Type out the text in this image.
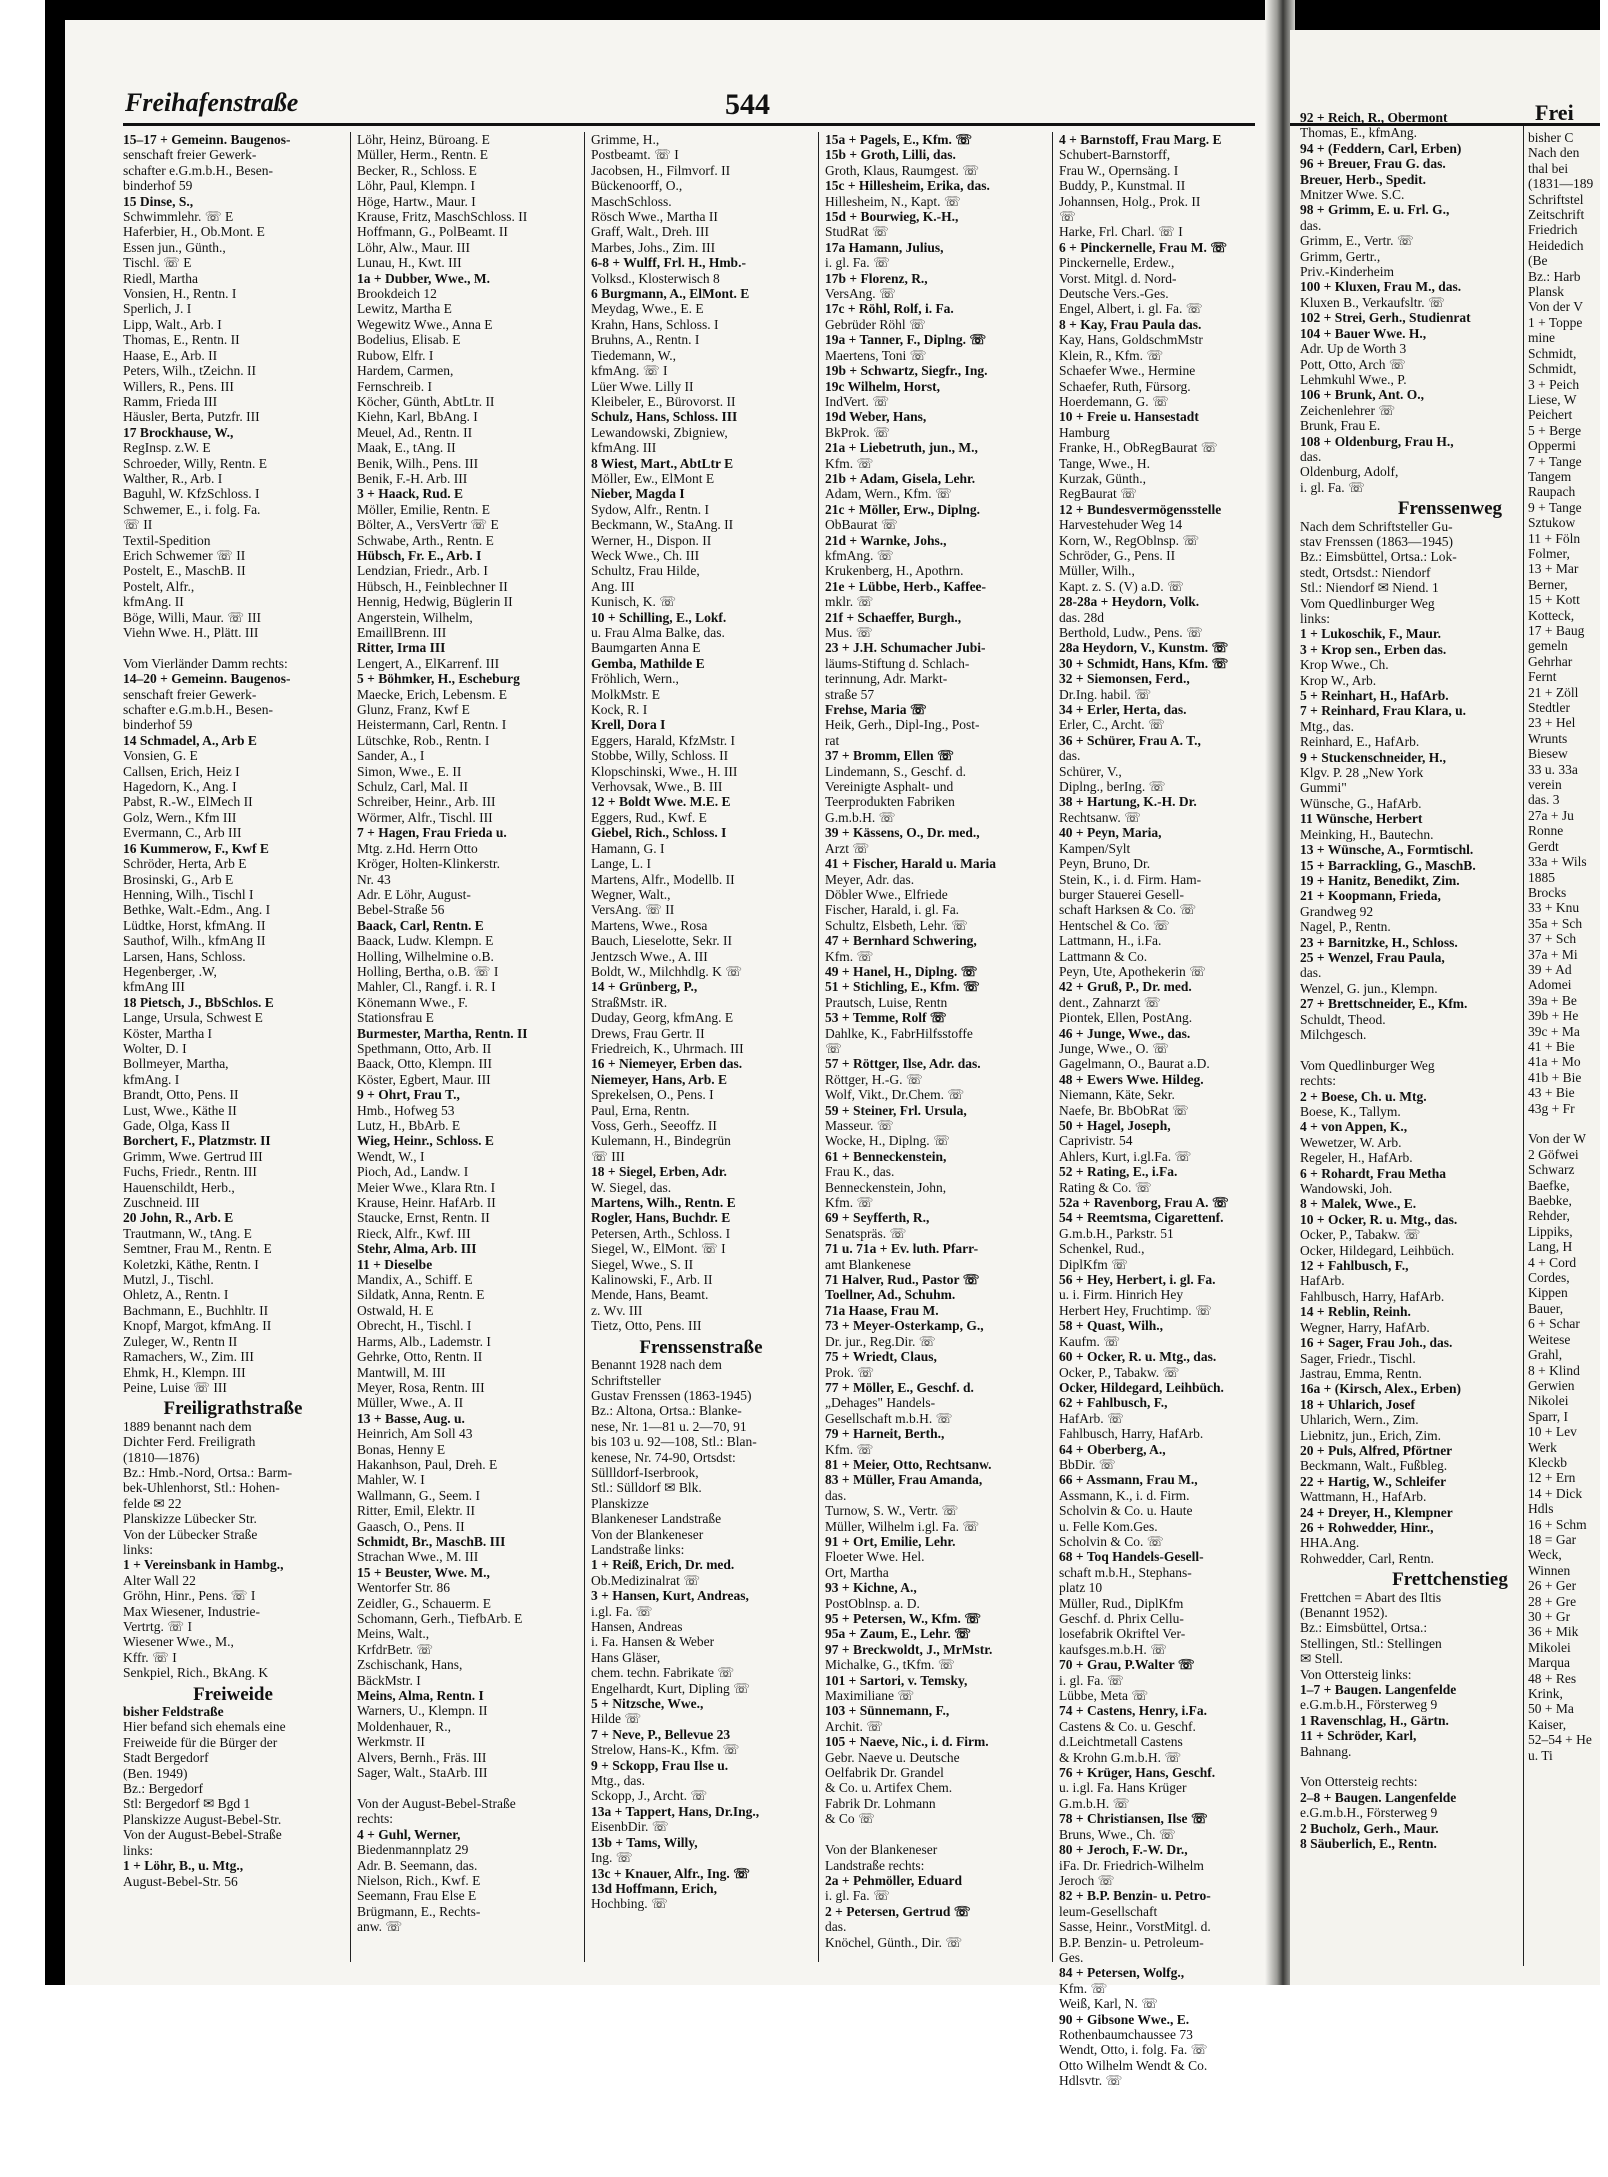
Freihafenstraße	544
15–17 + Gemeinn. Baugenos-
senschaft freier Gewerk-
schafter e.G.m.b.H., Besen-
binderhof 59
15 Dinse, S.,
Schwimmlehr. ☏ E
Haferbier, H., Ob.Mont. E
Essen jun., Günth.,
Tischl. ☏ E
Riedl, Martha
Vonsien, H., Rentn. I
Sperlich, J. I
Lipp, Walt., Arb. I
Thomas, E., Rentn. II
Haase, E., Arb. II
Peters, Wilh., tZeichn. II
Willers, R., Pens. III
Ramm, Frieda III
Häusler, Berta, Putzfr. III
17 Brockhause, W.,
RegInsp. z.W. E
Schroeder, Willy, Rentn. E
Walther, R., Arb. I
Baguhl, W. KfzSchloss. I
Schwemer, E., i. folg. Fa.
☏ II
Textil-Spedition
Erich Schwemer ☏ II
Postelt, E., MaschB. II
Postelt, Alfr.,
kfmAng. II
Böge, Willi, Maur. ☏ III
Viehn Wwe. H., Plätt. III

Vom Vierländer Damm rechts:
14–20 + Gemeinn. Baugenos-
senschaft freier Gewerk-
schafter e.G.m.b.H., Besen-
binderhof 59
14 Schmadel, A., Arb E
Vonsien, G. E
Callsen, Erich, Heiz I
Hagedorn, K., Ang. I
Pabst, R.-W., ElMech II
Golz, Wern., Kfm III
Evermann, C., Arb III
16 Kummerow, F., Kwf E
Schröder, Herta, Arb E
Brosinski, G., Arb E
Henning, Wilh., Tischl I
Bethke, Walt.-Edm., Ang. I
Lüdtke, Horst, kfmAng. II
Sauthof, Wilh., kfmAng II
Larsen, Hans, Schloss.
Hegenberger, .W,
kfmAng III
18 Pietsch, J., BbSchlos. E
Lange, Ursula, Schwest E
Köster, Martha I
Wolter, D. I
Bollmeyer, Martha,
kfmAng. I
Brandt, Otto, Pens. II
Lust, Wwe., Käthe II
Gade, Olga, Kass II
Borchert, F., Platzmstr. II
Grimm, Wwe. Gertrud III
Fuchs, Friedr., Rentn. III
Hauenschildt, Herb.,
Zuschneid. III
20 John, R., Arb. E
Trautmann, W., tAng. E
Semtner, Frau M., Rentn. E
Koletzki, Käthe, Rentn. I
Mutzl, J., Tischl.
Ohletz, A., Rentn. I
Bachmann, E., Buchhltr. II
Knopf, Margot, kfmAng. II
Zuleger, W., Rentn II
Ramachers, W., Zim. III
Ehmk, H., Klempn. III
Peine, Luise ☏ III
Freiligrathstraße
1889 benannt nach dem
Dichter Ferd. Freiligrath
(1810—1876)
Bz.: Hmb.-Nord, Ortsa.: Barm-
bek-Uhlenhorst, Stl.: Hohen-
felde ✉ 22
Planskizze Lübecker Str.
Von der Lübecker Straße
links:
1 + Vereinsbank in Hambg.,
Alter Wall 22
Gröhn, Hinr., Pens. ☏ I
Max Wiesener, Industrie-
Vertrtg. ☏ I
Wiesener Wwe., M.,
Kffr. ☏ I
Senkpiel, Rich., BkAng. K
Freiweide
bisher Feldstraße
Hier befand sich ehemals eine
Freiweide für die Bürger der
Stadt Bergedorf
(Ben. 1949)
Bz.: Bergedorf
Stl: Bergedorf ✉ Bgd 1
Planskizze August-Bebel-Str.
Von der August-Bebel-Straße
links:
1 + Löhr, B., u. Mtg.,
August-Bebel-Str. 56
Löhr, Heinz, Büroang. E
Müller, Herm., Rentn. E
Becker, R., Schloss. E
Löhr, Paul, Klempn. I
Höge, Hartw., Maur. I
Krause, Fritz, MaschSchloss. II
Hoffmann, G., PolBeamt. II
Löhr, Alw., Maur. III
Lunau, H., Kwt. III
1a + Dubber, Wwe., M.
Brookdeich 12
Lewitz, Martha E
Wegewitz Wwe., Anna E
Bodelius, Elisab. E
Rubow, Elfr. I
Hardem, Carmen,
Fernschreib. I
Köcher, Günth, AbtLtr. II
Kiehn, Karl, BbAng. I
Meuel, Ad., Rentn. II
Maak, E., tAng. II
Benik, Wilh., Pens. III
Benik, F.-H. Arb. III
3 + Haack, Rud. E
Möller, Emilie, Rentn. E
Bölter, A., VersVertr ☏ E
Schwabe, Arth., Rentn. E
Hübsch, Fr. E., Arb. I
Lendzian, Friedr., Arb. I
Hübsch, H., Feinblechner II
Hennig, Hedwig, Büglerin II
Angerstein, Wilhelm,
EmaillBrenn. III
Ritter, Irma III
Lengert, A., ElKarrenf. III
5 + Böhmker, H., Escheburg
Maecke, Erich, Lebensm. E
Glunz, Franz, Kwf E
Heistermann, Carl, Rentn. I
Lütschke, Rob., Rentn. I
Sander, A., I
Simon, Wwe., E. II
Schulz, Carl, Mal. II
Schreiber, Heinr., Arb. III
Wörmer, Alfr., Tischl. III
7 + Hagen, Frau Frieda u.
Mtg. z.Hd. Herrn Otto
Kröger, Holten-Klinkerstr.
Nr. 43
Adr. E Löhr, August-
Bebel-Straße 56
Baack, Carl, Rentn. E
Baack, Ludw. Klempn. E
Holling, Wilhelmine o.B.
Holling, Bertha, o.B. ☏ I
Mahler, Cl., Rangf. i. R. I
Könemann Wwe., F.
Stationsfrau E
Burmester, Martha, Rentn. II
Spethmann, Otto, Arb. II
Baack, Otto, Klempn. III
Köster, Egbert, Maur. III
9 + Ohrt, Frau T.,
Hmb., Hofweg 53
Lutz, H., BbArb. E
Wieg, Heinr., Schloss. E
Wendt, W., I
Pioch, Ad., Landw. I
Meier Wwe., Klara Rtn. I
Krause, Heinr. HafArb. II
Staucke, Ernst, Rentn. II
Rieck, Alfr., Kwf. III
Stehr, Alma, Arb. III
11 + Dieselbe
Mandix, A., Schiff. E
Sildatk, Anna, Rentn. E
Ostwald, H. E
Obrecht, H., Tischl. I
Harms, Alb., Lademstr. I
Gehrke, Otto, Rentn. II
Mantwill, M. III
Meyer, Rosa, Rentn. III
Müller, Wwe., A. II
13 + Basse, Aug. u.
Heinrich, Am Soll 43
Bonas, Henny E
Hakanhson, Paul, Dreh. E
Mahler, W. I
Wallmann, G., Seem. I
Ritter, Emil, Elektr. II
Gaasch, O., Pens. II
Schmidt, Br., MaschB. III
Strachan Wwe., M. III
15 + Beuster, Wwe. M.,
Wentorfer Str. 86
Zeidler, G., Schauerm. E
Schomann, Gerh., TiefbArb. E
Meins, Walt.,
KrfdrBetr. ☏
Zschischank, Hans,
BäckMstr. I
Meins, Alma, Rentn. I
Warners, U., Klempn. II
Moldenhauer, R.,
Werkmstr. II
Alvers, Bernh., Fräs. III
Sager, Walt., StaArb. III

Von der August-Bebel-Straße
rechts:
4 + Guhl, Werner,
Biedenmannplatz 29
Adr. B. Seemann, das.
Nielson, Rich., Kwf. E
Seemann, Frau Else E
Brügmann, E., Rechts-
anw. ☏
Grimme, H.,
Postbeamt. ☏ I
Jacobsen, H., Filmvorf. II
Bückenoorff, O.,
MaschSchloss.
Rösch Wwe., Martha II
Graff, Walt., Dreh. III
Marbes, Johs., Zim. III
6-8 + Wulff, Frl. H., Hmb.-
Volksd., Klosterwisch 8
6 Burgmann, A., ElMont. E
Meydag, Wwe., E. E
Krahn, Hans, Schloss. I
Bruhns, A., Rentn. I
Tiedemann, W.,
kfmAng. ☏ I
Lüer Wwe. Lilly II
Kleibeler, E., Bürovorst. II
Schulz, Hans, Schloss. III
Lewandowski, Zbigniew,
kfmAng. III
8 Wiest, Mart., AbtLtr E
Möller, Ew., ElMont E
Nieber, Magda I
Sydow, Alfr., Rentn. I
Beckmann, W., StaAng. II
Werner, H., Dispon. II
Weck Wwe., Ch. III
Schultz, Frau Hilde,
Ang. III
Kunisch, K. ☏
10 + Schilling, E., Lokf.
u. Frau Alma Balke, das.
Baumgarten Anna E
Gemba, Mathilde E
Fröhlich, Wern.,
MolkMstr. E
Kock, R. I
Krell, Dora I
Eggers, Harald, KfzMstr. I
Stobbe, Willy, Schloss. II
Klopschinski, Wwe., H. III
Verhovsak, Wwe., B. III
12 + Boldt Wwe. M.E. E
Eggers, Rud., Kwf. E
Giebel, Rich., Schloss. I
Hamann, G. I
Lange, L. I
Martens, Alfr., Modellb. II
Wegner, Walt.,
VersAng. ☏ II
Martens, Wwe., Rosa
Bauch, Lieselotte, Sekr. II
Jentzsch Wwe., A. III
Boldt, W., Milchhdlg. K ☏
14 + Grünberg, P.,
StraßMstr. iR.
Duday, Georg, kfmAng. E
Drews, Frau Gertr. II
Friedreich, K., Uhrmach. III
16 + Niemeyer, Erben das.
Niemeyer, Hans, Arb. E
Sprekelsen, O., Pens. I
Paul, Erna, Rentn.
Voss, Gerh., Seeoffz. II
Kulemann, H., Bindegrün
☏ III
18 + Siegel, Erben, Adr.
W. Siegel, das.
Martens, Wilh., Rentn. E
Rogler, Hans, Buchdr. E
Petersen, Arth., Schloss. I
Siegel, W., ElMont. ☏ I
Siegel, Wwe., S. II
Kalinowski, F., Arb. II
Mende, Hans, Beamt.
z. Wv. III
Tietz, Otto, Pens. III
Frenssenstraße
Benannt 1928 nach dem
Schriftsteller
Gustav Frenssen (1863-1945)
Bz.: Altona, Ortsa.: Blanke-
nese, Nr. 1—81 u. 2—70, 91
bis 103 u. 92—108, Stl.: Blan-
kenese, Nr. 74-90, Ortsdst:
Süllldorf-Iserbrook,
Stl.: Sülldorf ✉ Blk.
Planskizze
Blankeneser Landstraße
Von der Blankeneser
Landstraße links:
1 + Reiß, Erich, Dr. med.
Ob.Medizinalrat ☏
3 + Hansen, Kurt, Andreas,
i.gl. Fa. ☏
Hansen, Andreas
i. Fa. Hansen & Weber
Hans Gläser,
chem. techn. Fabrikate ☏
Engelhardt, Kurt, Dipling ☏
5 + Nitzsche, Wwe.,
Hilde ☏
7 + Neve, P., Bellevue 23
Strelow, Hans-K., Kfm. ☏
9 + Sckopp, Frau Ilse u.
Mtg., das.
Sckopp, J., Archt. ☏
13a + Tappert, Hans, Dr.Ing.,
EisenbDir. ☏
13b + Tams, Willy,
Ing. ☏
13c + Knauer, Alfr., Ing. ☏
13d Hoffmann, Erich,
Hochbing. ☏
15a + Pagels, E., Kfm. ☏
15b + Groth, Lilli, das.
Groth, Klaus, Raumgest. ☏
15c + Hillesheim, Erika, das.
Hillesheim, N., Kapt. ☏
15d + Bourwieg, K.-H.,
StudRat ☏
17a Hamann, Julius,
i. gl. Fa. ☏
17b + Florenz, R.,
VersAng. ☏
17c + Röhl, Rolf, i. Fa.
Gebrüder Röhl ☏
19a + Tanner, F., Diplng. ☏
Maertens, Toni ☏
19b + Schwartz, Siegfr., Ing.
19c Wilhelm, Horst,
IndVert. ☏
19d Weber, Hans,
BkProk. ☏
21a + Liebetruth, jun., M.,
Kfm. ☏
21b + Adam, Gisela, Lehr.
Adam, Wern., Kfm. ☏
21c + Möller, Erw., Diplng.
ObBaurat ☏
21d + Warnke, Johs.,
kfmAng. ☏
Krukenberg, H., Apothrn.
21e + Lübbe, Herb., Kaffee-
mklr. ☏
21f + Schaeffer, Burgh.,
Mus. ☏
23 + J.H. Schumacher Jubi-
läums-Stiftung d. Schlach-
terinnung, Adr. Markt-
straße 57
Frehse, Maria ☏
Heik, Gerh., Dipl-Ing., Post-
rat
37 + Bromm, Ellen ☏
Lindemann, S., Geschf. d.
Vereinigte Asphalt- und
Teerprodukten Fabriken
G.m.b.H. ☏
39 + Kässens, O., Dr. med.,
Arzt ☏
41 + Fischer, Harald u. Maria
Meyer, Adr. das.
Döbler Wwe., Elfriede
Fischer, Harald, i. gl. Fa.
Schultz, Elsbeth, Lehr. ☏
47 + Bernhard Schwering,
Kfm. ☏
49 + Hanel, H., Diplng. ☏
51 + Stichling, E., Kfm. ☏
Prautsch, Luise, Rentn
53 + Temme, Rolf ☏
Dahlke, K., FabrHilfsstoffe
☏
57 + Röttger, Ilse, Adr. das.
Röttger, H.-G. ☏
Wolf, Vikt., Dr.Chem. ☏
59 + Steiner, Frl. Ursula,
Masseur. ☏
Wocke, H., Diplng. ☏
61 + Benneckenstein,
Frau K., das.
Benneckenstein, John,
Kfm. ☏
69 + Seyfferth, R.,
Senatspräs. ☏
71 u. 71a + Ev. luth. Pfarr-
amt Blankenese
71 Halver, Rud., Pastor ☏
Toellner, Ad., Schuhm.
71a Haase, Frau M.
73 + Meyer-Osterkamp, G.,
Dr. jur., Reg.Dir. ☏
75 + Wriedt, Claus,
Prok. ☏
77 + Möller, E., Geschf. d.
„Dehages" Handels-
Gesellschaft m.b.H. ☏
79 + Harneit, Berth.,
Kfm. ☏
81 + Meier, Otto, Rechtsanw.
83 + Müller, Frau Amanda,
das.
Turnow, S. W., Vertr. ☏
Müller, Wilhelm i.gl. Fa. ☏
91 + Ort, Emilie, Lehr.
Floeter Wwe. Hel.
Ort, Martha
93 + Kichne, A.,
PostOblnsp. a. D.
95 + Petersen, W., Kfm. ☏
95a + Zaum, E., Lehr. ☏
97 + Breckwoldt, J., MrMstr.
Michalke, G., tKfm. ☏
101 + Sartori, v. Temsky,
Maximiliane ☏
103 + Sünnemann, F.,
Archit. ☏
105 + Naeve, Nic., i. d. Firm.
Gebr. Naeve u. Deutsche
Oelfabrik Dr. Grandel
& Co. u. Artifex Chem.
Fabrik Dr. Lohmann
& Co ☏

Von der Blankeneser
Landstraße rechts:
2a + Pehmöller, Eduard
i. gl. Fa. ☏
2 + Petersen, Gertrud ☏
das.
Knöchel, Günth., Dir. ☏
4 + Barnstoff, Frau Marg. E
Schubert-Barnstorff,
Frau W., Opernsäng. I
Buddy, P., Kunstmal. II
Johannsen, Holg., Prok. II
☏
Harke, Frl. Charl. ☏ I
6 + Pinckernelle, Frau M. ☏
Pinckernelle, Erdew.,
Vorst. Mitgl. d. Nord-
Deutsche Vers.-Ges.
Engel, Albert, i. gl. Fa. ☏
8 + Kay, Frau Paula das.
Kay, Hans, GoldschmMstr
Klein, R., Kfm. ☏
Schaefer Wwe., Hermine
Schaefer, Ruth, Fürsorg.
Hoerdemann, G. ☏
10 + Freie u. Hansestadt
Hamburg
Franke, H., ObRegBaurat ☏
Tange, Wwe., H.
Kurzak, Günth.,
RegBaurat ☏
12 + Bundesvermögensstelle
Harvestehuder Weg 14
Korn, W., RegOblnsp. ☏
Schröder, G., Pens. II
Müller, Wilh.,
Kapt. z. S. (V) a.D. ☏
28-28a + Heydorn, Volk.
das. 28d
Berthold, Ludw., Pens. ☏
28a Heydorn, V., Kunstm. ☏
30 + Schmidt, Hans, Kfm. ☏
32 + Siemonsen, Ferd.,
Dr.Ing. habil. ☏
34 + Erler, Herta, das.
Erler, C., Archt. ☏
36 + Schürer, Frau A. T.,
das.
Schürer, V.,
Diplng., berIng. ☏
38 + Hartung, K.-H. Dr.
Rechtsanw. ☏
40 + Peyn, Maria,
Kampen/Sylt
Peyn, Bruno, Dr.
Stein, K., i. d. Firm. Ham-
burger Stauerei Gesell-
schaft Harksen & Co. ☏
Hentschel & Co. ☏
Lattmann, H., i.Fa.
Lattmann & Co.
Peyn, Ute, Apothekerin ☏
42 + Gruß, P., Dr. med.
dent., Zahnarzt ☏
Piontek, Ellen, PostAng.
46 + Junge, Wwe., das.
Junge, Wwe., O. ☏
Gagelmann, O., Baurat a.D.
48 + Ewers Wwe. Hildeg.
Niemann, Käte, Sekr.
Naefe, Br. BbObRat ☏
50 + Hagel, Joseph,
Caprivistr. 54
Ahlers, Kurt, i.gl.Fa. ☏
52 + Rating, E., i.Fa.
Rating & Co. ☏
52a + Ravenborg, Frau A. ☏
54 + Reemtsma, Cigarettenf.
G.m.b.H., Parkstr. 51
Schenkel, Rud.,
DiplKfm ☏
56 + Hey, Herbert, i. gl. Fa.
u. i. Firm. Hinrich Hey
Herbert Hey, Fruchtimp. ☏
58 + Quast, Wilh.,
Kaufm. ☏
60 + Ocker, R. u. Mtg., das.
Ocker, P., Tabakw. ☏
Ocker, Hildegard, Leihbüch.
62 + Fahlbusch, F.,
HafArb. ☏
Fahlbusch, Harry, HafArb.
64 + Oberberg, A.,
BbDir. ☏
66 + Assmann, Frau M.,
Assmann, K., i. d. Firm.
Scholvin & Co. u. Haute
u. Felle Kom.Ges.
Scholvin & Co. ☏
68 + Toq Handels-Gesell-
schaft m.b.H., Stephans-
platz 10
Müller, Rud., DiplKfm
Geschf. d. Phrix Cellu-
losefabrik Okriftel Ver-
kaufsges.m.b.H. ☏
70 + Grau, P.Walter ☏
i. gl. Fa. ☏
Lübbe, Meta ☏
74 + Castens, Henry, i.Fa.
Castens & Co. u. Geschf.
d.Leichtmetall Castens
& Krohn G.m.b.H. ☏
76 + Krüger, Hans, Geschf.
u. i.gl. Fa. Hans Krüger
G.m.b.H. ☏
78 + Christiansen, Ilse ☏
Bruns, Wwe., Ch. ☏
80 + Jeroch, F.-W. Dr.,
iFa. Dr. Friedrich-Wilhelm
Jeroch ☏
82 + B.P. Benzin- u. Petro-
leum-Gesellschaft
Sasse, Heinr., VorstMitgl. d.
B.P. Benzin- u. Petroleum-
Ges.
84 + Petersen, Wolfg.,
Kfm. ☏
Weiß, Karl, N. ☏
90 + Gibsone Wwe., E.
Rothenbaumchaussee 73
Wendt, Otto, i. folg. Fa. ☏
Otto Wilhelm Wendt & Co.
Hdlsvtr. ☏
Frei
92 + Reich, R., Obermont
Thomas, E., kfmAng.
94 + (Feddern, Carl, Erben)
96 + Breuer, Frau G. das.
Breuer, Herb., Spedit.
Mnitzer Wwe. S.C.
98 + Grimm, E. u. Frl. G.,
das.
Grimm, E., Vertr. ☏
Grimm, Gertr.,
Priv.-Kinderheim
100 + Kluxen, Frau M., das.
Kluxen B., Verkaufsltr. ☏
102 + Strei, Gerh., Studienrat
104 + Bauer Wwe. H.,
Adr. Up de Worth 3
Pott, Otto, Arch ☏
Lehmkuhl Wwe., P.
106 + Brunk, Ant. O.,
Zeichenlehrer ☏
Brunk, Frau E.
108 + Oldenburg, Frau H.,
das.
Oldenburg, Adolf,
i. gl. Fa. ☏
Frenssenweg
Nach dem Schriftsteller Gu-
stav Frenssen (1863—1945)
Bz.: Eimsbüttel, Ortsa.: Lok-
stedt, Ortsdst.: Niendorf
Stl.: Niendorf ✉ Niend. 1
Vom Quedlinburger Weg
links:
1 + Lukoschik, F., Maur.
3 + Krop sen., Erben das.
Krop Wwe., Ch.
Krop W., Arb.
5 + Reinhart, H., HafArb.
7 + Reinhard, Frau Klara, u.
Mtg., das.
Reinhard, E., HafArb.
9 + Stuckenschneider, H.,
Klgv. P. 28 „New York
Gummi"
Wünsche, G., HafArb.
11 Wünsche, Herbert
Meinking, H., Bautechn.
13 + Wünsche, A., Formtischl.
15 + Barrackling, G., MaschB.
19 + Hanitz, Benedikt, Zim.
21 + Koopmann, Frieda,
Grandweg 92
Nagel, P., Rentn.
23 + Barnitzke, H., Schloss.
25 + Wenzel, Frau Paula,
das.
Wenzel, G. jun., Klempn.
27 + Brettschneider, E., Kfm.
Schuldt, Theod.
Milchgesch.

Vom Quedlinburger Weg
rechts:
2 + Boese, Ch. u. Mtg.
Boese, K., Tallym.
4 + von Appen, K.,
Wewetzer, W. Arb.
Regeler, H., HafArb.
6 + Rohardt, Frau Metha
Wandowski, Joh.
8 + Malek, Wwe., E.
10 + Ocker, R. u. Mtg., das.
Ocker, P., Tabakw. ☏
Ocker, Hildegard, Leihbüch.
12 + Fahlbusch, F.,
HafArb.
Fahlbusch, Harry, HafArb.
14 + Reblin, Reinh.
Wegner, Harry, HafArb.
16 + Sager, Frau Joh., das.
Sager, Friedr., Tischl.
Jastrau, Emma, Rentn.
16a + (Kirsch, Alex., Erben)
18 + Uhlarich, Josef
Uhlarich, Wern., Zim.
Liebnitz, jun., Erich, Zim.
20 + Puls, Alfred, Pförtner
Beckmann, Walt., Fußbleg.
22 + Hartig, W., Schleifer
Wattmann, H., HafArb.
24 + Dreyer, H., Klempner
26 + Rohwedder, Hinr.,
HHA.Ang.
Rohwedder, Carl, Rentn.
Frettchenstieg
Frettchen = Abart des Iltis
(Benannt 1952).
Bz.: Eimsbüttel, Ortsa.:
Stellingen, Stl.: Stellingen
✉ Stell.
Von Ottersteig links:
1–7 + Baugen. Langenfelde
e.G.m.b.H., Försterweg 9
1 Ravenschlag, H., Gärtn.
11 + Schröder, Karl,
Bahnang.

Von Ottersteig rechts:
2–8 + Baugen. Langenfelde
e.G.m.b.H., Försterweg 9
2 Bucholz, Gerh., Maur.
8 Säuberlich, E., Rentn.
bisher C
Nach den
thal bei
(1831—189
Schriftstel
Zeitschrift
Friedrich
Heidedich
(Be
Bz.: Harb
Plansk
Von der V
1 + Toppe
mine
Schmidt,
Schmidt,
3 + Peich
Liese, W
Peichert
5 + Berge
Oppermi
7 + Tange
Tangem
Raupach
9 + Tange
Sztukow
11 + Föln
Folmer,
13 + Mar
Berner,
15 + Kott
Kotteck,
17 + Baug
gemeln
Gehrhar
Fernt
21 + Zöll
Stedtler
23 + Hel
Wrunts
Biesew
33 u. 33a
verein
das. 3
27a + Ju
Ronne
Gerdt
33a + Wils
1885
Brocks
33 + Knu
35a + Sch
37 + Sch
37a + Mi
39 + Ad
Adomei
39a + Be
39b + He
39c + Ma
41 + Bie
41a + Mo
41b + Bie
43 + Bie
43g + Fr

Von der W
2 Göfwei
Schwarz
Baefke,
Baebke,
Rehder,
Lippiks,
Lang, H
4 + Cord
Cordes,
Kippen
Bauer,
6 + Schar
Weitese
Grahl,
8 + Klind
Gerwien
Nikolei
Sparr, I
10 + Lev
Werk
Kleckb
12 + Ern
14 + Dick
Hdls
16 + Schm
18 = Gar
Weck,
Winnen
26 + Ger
28 + Gre
30 + Gr
36 + Mik
Mikolei
Marqua
48 + Res
Krink,
50 + Ma
Kaiser,
52–54 + He
u. Ti
